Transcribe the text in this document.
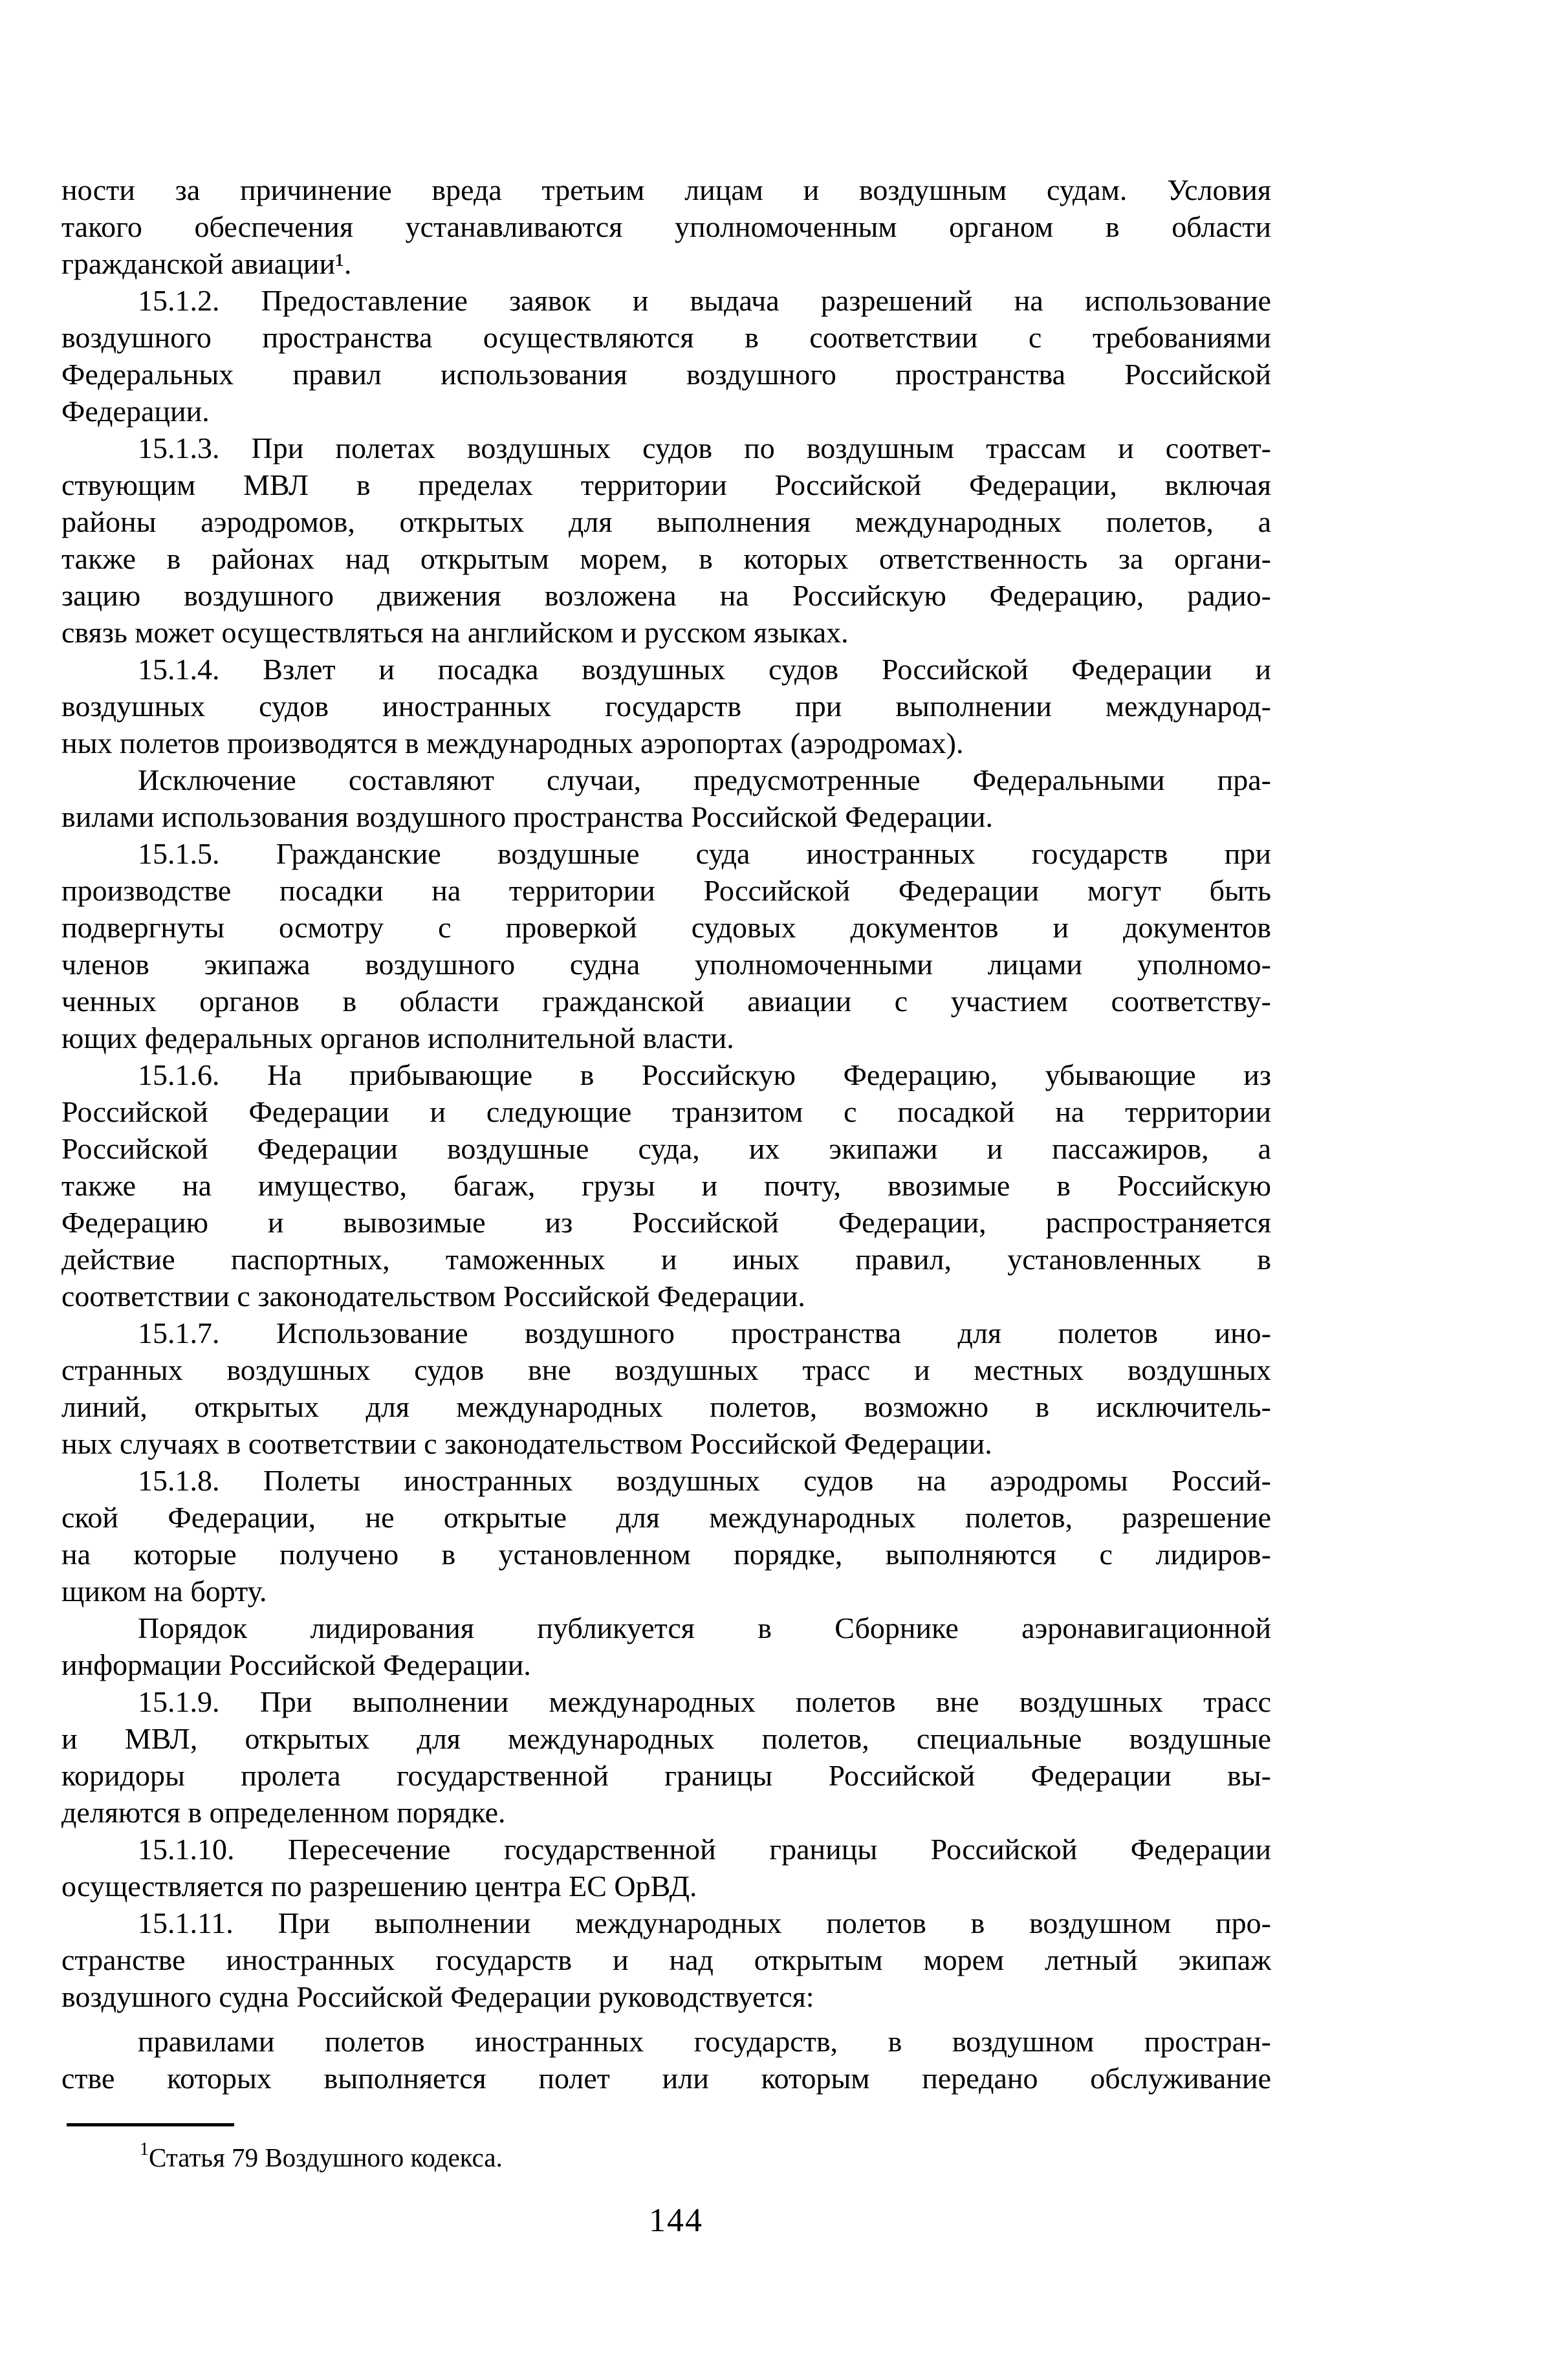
ности за причинение вреда третьим лицам и воздушным судам. Условия
такого обеспечения устанавливаются уполномоченным органом в области
гражданской авиации¹.
15.1.2. Предоставление заявок и выдача разрешений на использование
воздушного пространства осуществляются в соответствии с требованиями
Федеральных правил использования воздушного пространства Российской
Федерации.
15.1.3. При полетах воздушных судов по воздушным трассам и соответ-
ствующим МВЛ в пределах территории Российской Федерации, включая
районы аэродромов, открытых для выполнения международных полетов, а
также в районах над открытым морем, в которых ответственность за органи-
зацию воздушного движения возложена на Российскую Федерацию, радио-
связь может осуществляться на английском и русском языках.
15.1.4. Взлет и посадка воздушных судов Российской Федерации и
воздушных судов иностранных государств при выполнении международ-
ных полетов производятся в международных аэропортах (аэродромах).
Исключение составляют случаи, предусмотренные Федеральными пра-
вилами использования воздушного пространства Российской Федерации.
15.1.5. Гражданские воздушные суда иностранных государств при
производстве посадки на территории Российской Федерации могут быть
подвергнуты осмотру с проверкой судовых документов и документов
членов экипажа воздушного судна уполномоченными лицами уполномо-
ченных органов в области гражданской авиации с участием соответству-
ющих федеральных органов исполнительной власти.
15.1.6. На прибывающие в Российскую Федерацию, убывающие из
Российской Федерации и следующие транзитом с посадкой на территории
Российской Федерации воздушные суда, их экипажи и пассажиров, а
также на имущество, багаж, грузы и почту, ввозимые в Российскую
Федерацию и вывозимые из Российской Федерации, распространяется
действие паспортных, таможенных и иных правил, установленных в
соответствии с законодательством Российской Федерации.
15.1.7. Использование воздушного пространства для полетов ино-
странных воздушных судов вне воздушных трасс и местных воздушных
линий, открытых для международных полетов, возможно в исключитель-
ных случаях в соответствии с законодательством Российской Федерации.
15.1.8. Полеты иностранных воздушных судов на аэродромы Россий-
ской Федерации, не открытые для международных полетов, разрешение
на которые получено в установленном порядке, выполняются с лидиров-
щиком на борту.
Порядок лидирования публикуется в Сборнике аэронавигационной
информации Российской Федерации.
15.1.9. При выполнении международных полетов вне воздушных трасс
и МВЛ, открытых для международных полетов, специальные воздушные
коридоры пролета государственной границы Российской Федерации вы-
деляются в определенном порядке.
15.1.10. Пересечение государственной границы Российской Федерации
осуществляется по разрешению центра ЕС ОрВД.
15.1.11. При выполнении международных полетов в воздушном про-
странстве иностранных государств и над открытым морем летный экипаж
воздушного судна Российской Федерации руководствуется:
правилами полетов иностранных государств, в воздушном простран-
стве которых выполняется полет или которым передано обслуживание
$^1$Статья 79 Воздушного кодекса.
144
